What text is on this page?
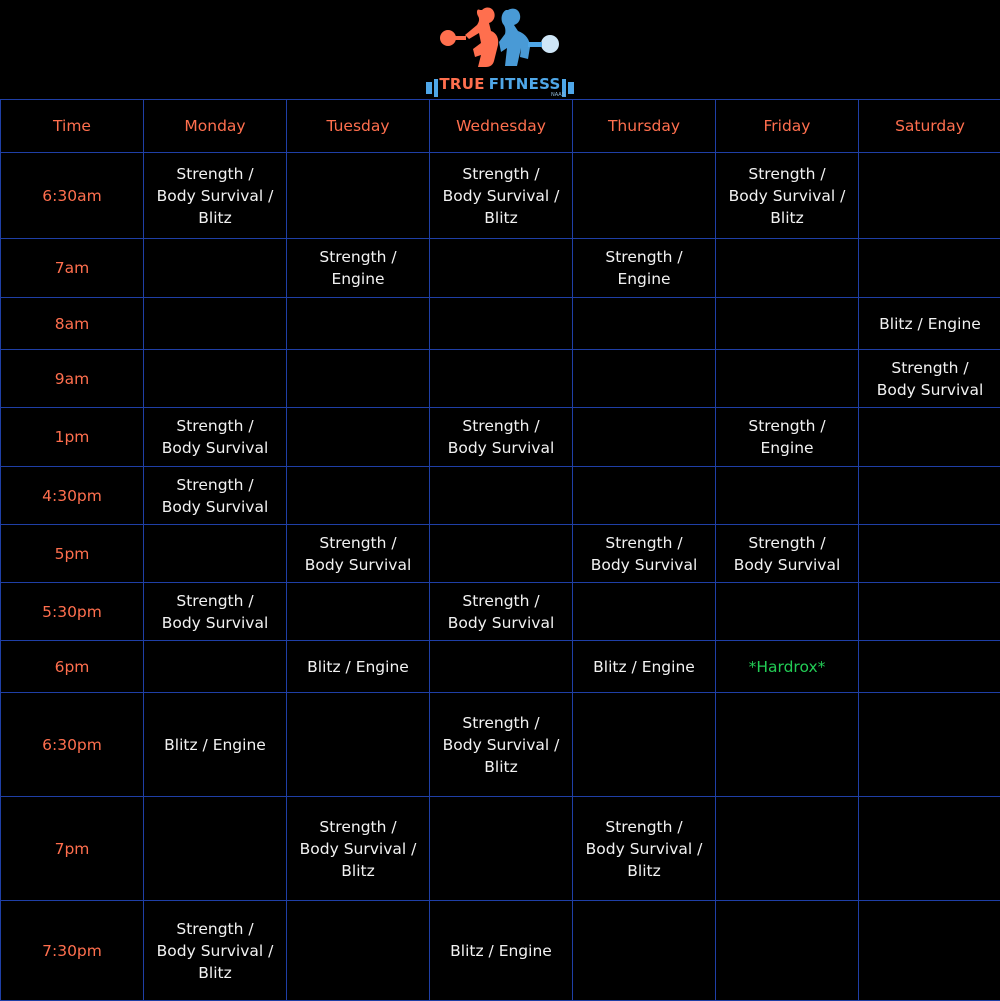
TRUE FITNESS
NAAS
Time	Monday	Tuesday	Wednesday	Thursday	Friday	Saturday
6:30am	Strength /
Body Survival /
Blitz		Strength /
Body Survival /
Blitz		Strength /
Body Survival /
Blitz	
7am		Strength /
Engine		Strength /
Engine		
8am						Blitz / Engine
9am						Strength /
Body Survival
1pm	Strength /
Body Survival		Strength /
Body Survival		Strength /
Engine	
4:30pm	Strength /
Body Survival					
5pm		Strength /
Body Survival		Strength /
Body Survival	Strength /
Body Survival	
5:30pm	Strength /
Body Survival		Strength /
Body Survival			
6pm		Blitz / Engine		Blitz / Engine	*Hardrox*	
6:30pm	Blitz / Engine		Strength /
Body Survival /
Blitz			
7pm		Strength /
Body Survival /
Blitz		Strength /
Body Survival /
Blitz		
7:30pm	Strength /
Body Survival /
Blitz		Blitz / Engine			
